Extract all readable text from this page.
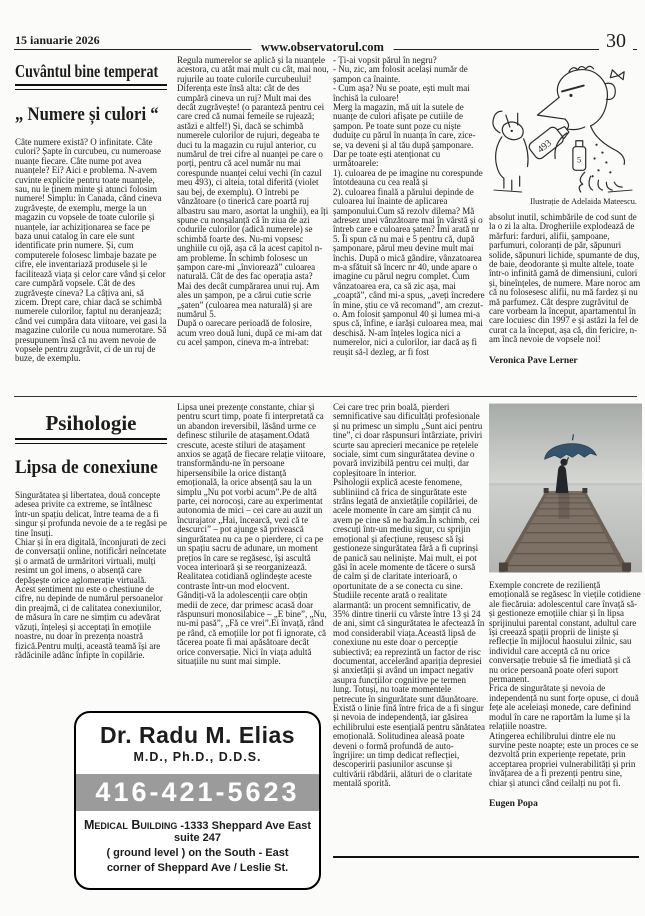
15 ianuarie 2026	www.observatorul.com	30
Cuvântul bine temperat
„ Numere și culori “

Câte numere există? O infinitate. Câte culori? Șapte în curcubeu, cu numeroase nuanțe fiecare. Câte nume pot avea nuanțele? Ei? Aici e problema. N-avem cuvinte explicite pentru toate nuanțele, sau, nu le ținem minte și atunci folosim numere! Simplu: în Canada, când cineva zugrăvește, de exemplu, merge la un magazin cu vopsele de toate culorile și nuanțele, iar achiziționarea se face pe baza unui catalog în care ele sunt identificate prin numere. Și, cum computerele folosesc limbaje bazate pe cifre, ele inventariază produsele și le facilitează viața și celor care vând și celor care cumpără vopsele. Cât de des zugrăvește cineva? La câțiva ani, să zicem. Drept care, chiar dacă se schimbă numerele culorilor, faptul nu deranjează; când vei cumpăra data viitoare, vei gasi la magazine culorile cu noua numerotare. Să presupunem însă că nu avem nevoie de vopsele pentru zugrăvit, ci de un ruj de buze, de exemplu.

Regula numerelor se aplică și la nuanțele acestora, cu atât mai mult cu cât, mai nou, rujurile au toate culorile curcubeului! Diferența este însă alta: cât de des cumpără cineva un ruj? Mult mai des decât zugrăvește! (o paranteză pentru cei care cred că numai femeile se rujează; astăzi e altfel!) Și, dacă se schimbă numerele culorilor de rujuri, degeaba te duci tu la magazin cu rujul anterior, cu numărul de trei cifre al nuanței pe care o porți, pentru că acel număr nu mai corespunde nuanței celui vechi (în cazul meu 493), ci alteia, total diferită (violet sau bej, de exemplu). O întrebi pe vânzătoare (o tinerică care poartă ruj albastru sau maro, asortat la unghii), ea îți spune cu nonșalanță că în ziua de azi codurile culorilor (adică numerele) se schimbă foarte des. Nu-mi vopsesc unghiile cu ojă, așa că la acest capitol n-am probleme. În schimb folosesc un șampon care-mi „înviorează” culoarea naturală. Cât de des fac operația asta? Mai des decât cumpărarea unui ruj. Am ales un șampon, pe a cărui cutie scrie „șaten” (culoarea mea naturală) și are numărul 5.

După o oarecare perioadă de folosire, acum vreo două luni, după ce mi-am dat cu acel șampon, cineva m-a întrebat:

- Ți-ai vopsit părul în negru?

- Nu, zic, am folosit același număr de șampon ca înainte.

- Cum așa? Nu se poate, ești mult mai închisă la culoare!

Merg la magazin, mă uit la sutele de nuanțe de culori afișate pe cutiile de șampon. Pe toate sunt poze cu niște duduițe cu părul în nuanța în care, zice-se, va deveni și al tău după șamponare. Dar pe toate ești atenționat cu următoarele:

1). culoarea de pe imagine nu corespunde întotdeauna cu cea reală și

2). culoarea finală a părului depinde de culoarea lui înainte de aplicarea șamponului.Cum să rezolv dilema? Mă adresez unei vânzătoare mai în vârstă și o întreb care e culoarea șaten? Îmi arată nr 5. Îi spun că nu mai e 5 pentru că, după șamponare, părul meu devine mult mai închis. După o mică gândire, vânzatoarea m-a sfătuit să încerc nr 40, unde apare o imagine cu părul negru complet. Cum vânzatoarea era, ca să zic așa, mai „coaptă”, când mi-a spus, „aveți încredere în mine, știu ce vă recomand”, am crezut-o. Am folosit șamponul 40 și lumea mi-a spus că, înfine, e iarăși culoarea mea, mai deschisă. N-am înțeles logica nici a numerelor, nici a culorilor, iar dacă aș fi reușit să-l dezleg, ar fi fost

493
5
Ilustrație de Adelaida Mateescu.

absolut inutil, schimbările de cod sunt de la o zi la alta. Drogheriile explodează de mărfuri: farduri, alifii, șampoane, parfumuri, coloranți de păr, săpunuri solide, săpunuri lichide, spumante de duș, de baie, deodorante și multe altele, toate într-o infinită gamă de dimensiuni, culori și, bineînțeles, de numere. Mare noroc am că nu folosesesc alifii, nu mă fardez și nu mă parfumez. Cât despre zugrăvitul de care vorbeam la început, apartamentul în care locuiesc din 1997 e și astăzi la fel de curat ca la început, așa că, din fericire, n-am încă nevoie de vopsele noi!

Veronica Pave Lerner
Psihologie
Lipsa de conexiune

Singurătatea și libertatea, două concepte adesea privite ca extreme, se întâlnesc într-un spațiu delicat, între teama de a fi singur și profunda nevoie de a te regăsi pe tine însuți.

Chiar și în era digitală, înconjurati de zeci de conversații online, notificări neîncetate și o armată de urmăritori virtuali, mulți resimt un gol imens, o absență care depășește orice aglomerație virtuală.

Acest sentiment nu este o chestiune de cifre, nu depinde de numărul persoanelor din preajmă, ci de calitatea conexiunilor, de măsura în care ne simțim cu adevărat văzuți, înțeleși și acceptați în emoțiile noastre, nu doar în prezența noastră fizică.Pentru mulți, această teamă își are rădăcinile adânc înfipte în copilărie.

Lipsa unei prezențe constante, chiar și pentru scurt timp, poate fi interpretată ca un abandon ireversibil, lăsând urme ce definesc stilurile de atașament.Odată crescute, aceste stiluri de atașament anxios se agață de fiecare relație viitoare, transformându-ne în persoane hipersensibile la orice distanță emoțională, la orice absență sau la un simplu „Nu pot vorbi acum”.Pe de altă parte, cei norocoși, care au experimentat autonomia de mici – cei care au auzit un încurajator „Hai, încearcă, vezi că te descurci” – pot ajunge să privească singurătatea nu ca pe o pierdere, ci ca pe un spațiu sacru de adunare, un moment prețios în care se regăsesc, își ascultă vocea interioară și se reorganizează. Realitatea cotidiană oglindește aceste contraste într-un mod elocvent.

Gândiți-vă la adolescenții care obțin medii de zece, dar primesc acasă doar răspunsuri monosilabice – „E bine”, „Nu, nu-mi pasă”, „Fă ce vrei”.Ei învață, rând pe rând, că emoțiile lor pot fi ignorate, că tăcerea poate fi mai apăsătoare decât orice conversație. Nici în viața adultă situațiile nu sunt mai simple.

Cei care trec prin boală, pierderi semnificative sau dificultăți profesionale și nu primesc un simplu „Sunt aici pentru tine”, ci doar răspunsuri întârziate, priviri scurte sau aprecieri mecanice pe rețelele sociale, simt cum singurătatea devine o povară invizibilă pentru cei mulți, dar copleșitoare în interior.

Psihologii explică aceste fenomene, subliniind că frica de singurătate este strâns legată de anxietățile copilăriei, de acele momente în care am simțit că nu avem pe cine să ne bazăm.În schimb, cei crescuți într-un mediu sigur, cu sprijin emoțional și afecțiune, reușesc să își gestioneze singurătatea fără a fi cuprinși de panică sau neliniște. Mai mult, ei pot găsi în acele momente de tăcere o sursă de calm și de claritate interioară, o oportunitate de a se conecta cu sine.

Studiile recente arată o realitate alarmantă: un procent semnificativ, de 35% dintre tinerii cu vârste între 13 și 24 de ani, simt că singurătatea le afectează în mod considerabil viața.Această lipsă de conexiune nu este doar o percepție subiectivă; ea reprezintă un factor de risc documentat, accelerând apariția depresiei și anxietății și având un impact negativ asupra funcțiilor cognitive pe termen lung. Totuși, nu toate momentele petrecute în singurătate sunt dăunătoare.

Există o linie fină între frica de a fi singur și nevoia de independență, iar găsirea echilibrului este esențială pentru sănătatea emoțională. Solitudinea aleasă poate deveni o formă profundă de auto-îngrijire: un timp dedicat reflecției, descoperirii pasiunilor ascunse și cultivării răbdării, alături de o claritate mentală sporită.

Exemple concrete de reziliență emoțională se regăsesc în viețile cotidiene ale fiecăruia: adolescentul care învață să-și gestioneze emoțiile chiar și în lipsa sprijinului parental constant, adultul care își creează spații proprii de liniște și reflecție în mijlocul haosului zilnic, sau individul care acceptă că nu orice conversație trebuie să fie imediată și că nu orice persoană poate oferi suport permanent.

Frica de singurătate și nevoia de independență nu sunt forțe opuse, ci două fețe ale aceleiași monede, care definind modul în care ne raportăm la lume și la relațiile noastre.

Atingerea echilibrului dintre ele nu survine peste noapte; este un proces ce se dezvoltă prin experiențe repetate, prin acceptarea propriei vulnerabilități și prin învățarea de a fi prezenți pentru sine, chiar și atunci când ceilalți nu pot fi.

Eugen Popa
Dr. Radu M. Elias
M.D., Ph.D., D.D.S.
416-421-5623
Medical Building -1333 Sheppard Ave East suite 247
( ground level ) on the South - East
corner of Sheppard Ave / Leslie St.
